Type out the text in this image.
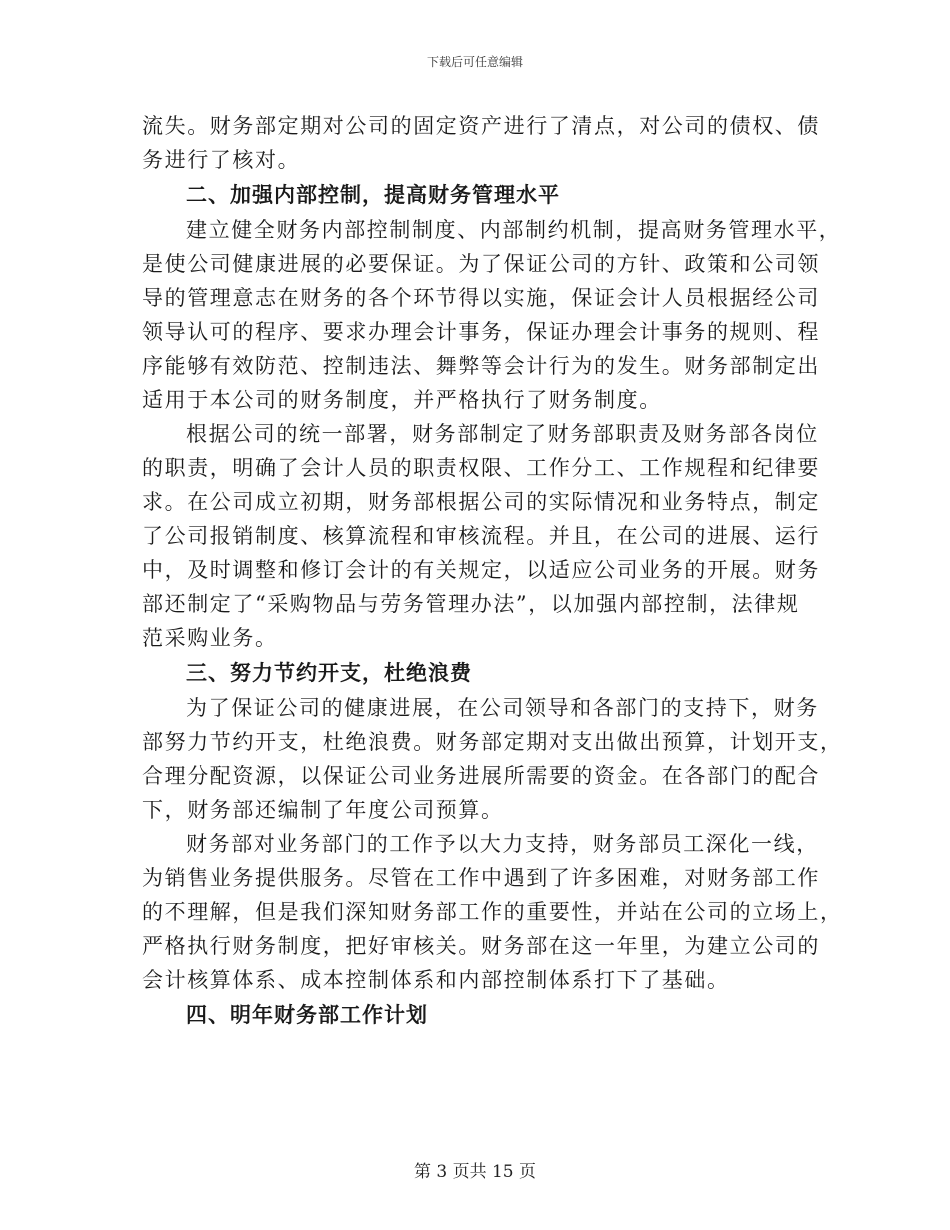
下载后可任意编辑
流失。财务部定期对公司的固定资产进行了清点，对公司的债权、债
务进行了核对。
二、加强内部控制，提高财务管理水平
建立健全财务内部控制制度、内部制约机制，提高财务管理水平，
是使公司健康进展的必要保证。为了保证公司的方针、政策和公司领
导的管理意志在财务的各个环节得以实施，保证会计人员根据经公司
领导认可的程序、要求办理会计事务，保证办理会计事务的规则、程
序能够有效防范、控制违法、舞弊等会计行为的发生。财务部制定出
适用于本公司的财务制度，并严格执行了财务制度。
根据公司的统一部署，财务部制定了财务部职责及财务部各岗位
的职责，明确了会计人员的职责权限、工作分工、工作规程和纪律要
求。在公司成立初期，财务部根据公司的实际情况和业务特点，制定
了公司报销制度、核算流程和审核流程。并且，在公司的进展、运行
中，及时调整和修订会计的有关规定，以适应公司业务的开展。财务
部还制定了“采购物品与劳务管理办法”，以加强内部控制，法律规
范采购业务。
三、努力节约开支，杜绝浪费
为了保证公司的健康进展，在公司领导和各部门的支持下，财务
部努力节约开支，杜绝浪费。财务部定期对支出做出预算，计划开支，
合理分配资源，以保证公司业务进展所需要的资金。在各部门的配合
下，财务部还编制了年度公司预算。
财务部对业务部门的工作予以大力支持，财务部员工深化一线，
为销售业务提供服务。尽管在工作中遇到了许多困难，对财务部工作
的不理解，但是我们深知财务部工作的重要性，并站在公司的立场上，
严格执行财务制度，把好审核关。财务部在这一年里，为建立公司的
会计核算体系、成本控制体系和内部控制体系打下了基础。
四、明年财务部工作计划
第 3 页共 15 页
